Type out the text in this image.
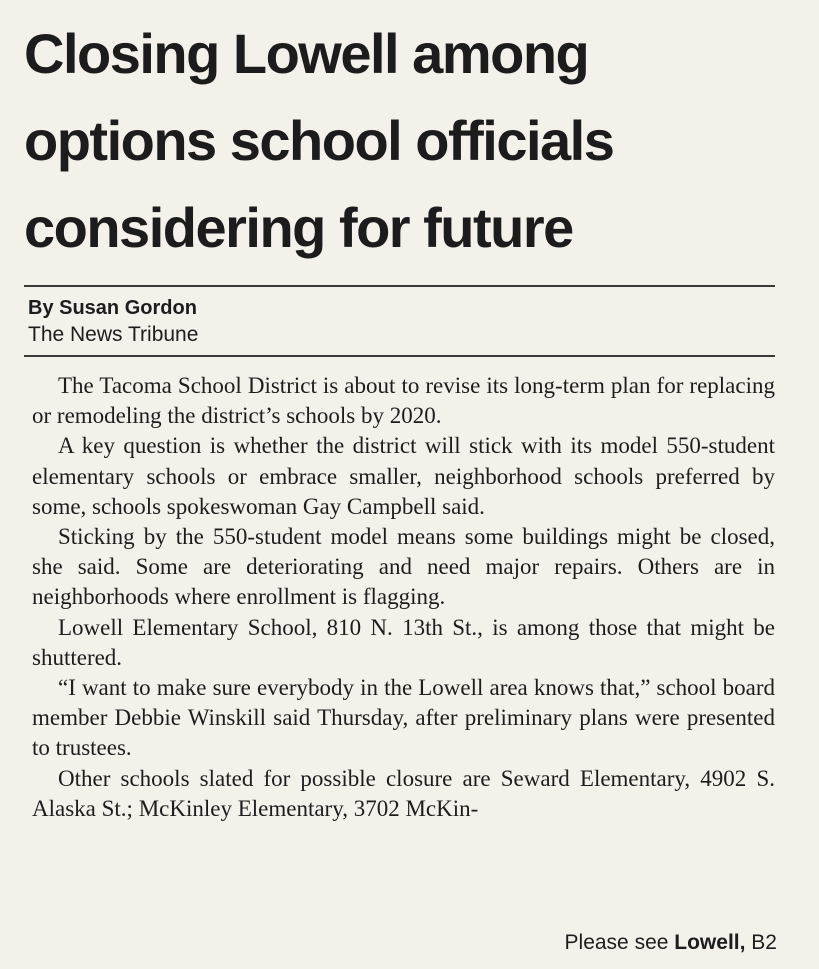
Closing Lowell among
options school officials
considering for future
By Susan Gordon
The News Tribune

The Tacoma School District is about to revise its long-term plan for replacing or remodeling the district’s schools by 2020.

A key question is whether the district will stick with its model 550-student elementary schools or embrace smaller, neighborhood schools preferred by some, schools spokeswoman Gay Campbell said.

Sticking by the 550-student model means some buildings might be closed, she said. Some are deteriorating and need major repairs. Others are in neighborhoods where enrollment is flagging.

Lowell Elementary School, 810 N. 13th St., is among those that might be shuttered.

“I want to make sure everybody in the Lowell area knows that,” school board member Debbie Winskill said Thursday, after preliminary plans were presented to trustees.

Other schools slated for possible closure are Seward Elementary, 4902 S. Alaska St.; McKinley Elementary, 3702 McKin-

Please see Lowell, B2
